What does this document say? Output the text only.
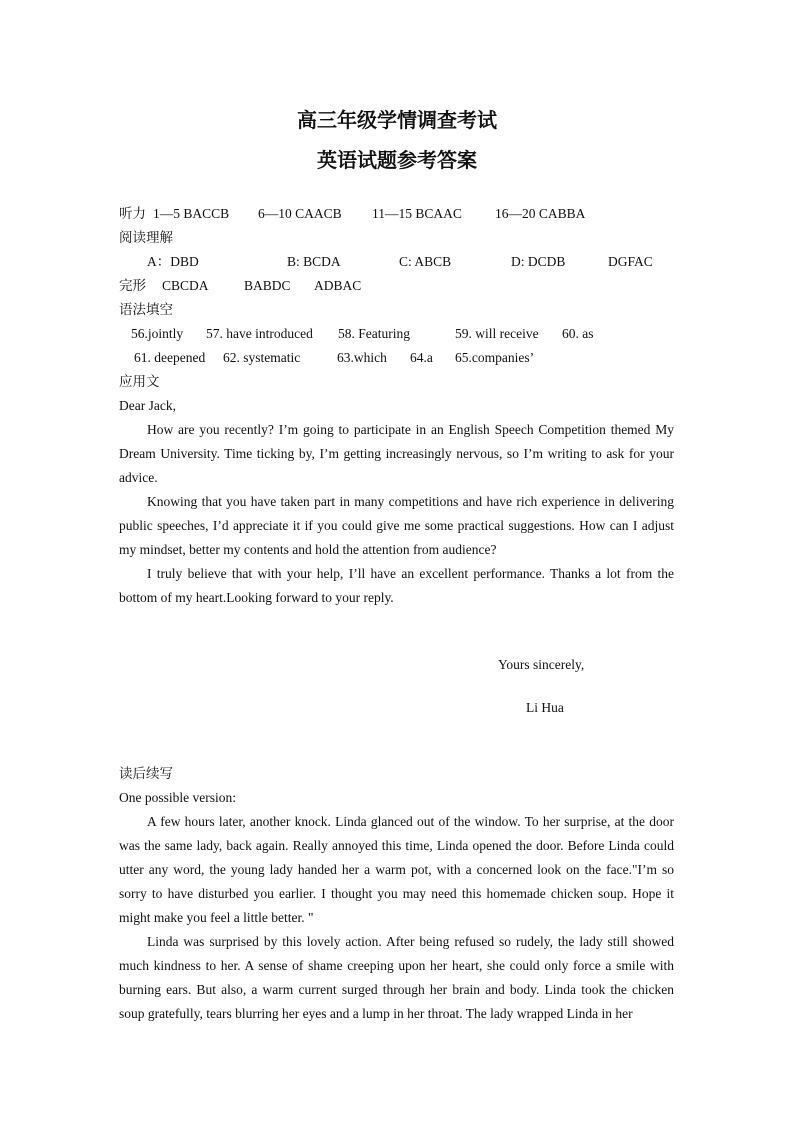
高三年级学情调查考试
英语试题参考答案
听力 1—5 BACCB 6—10 CAACB 11—15 BCAAC 16—20 CABBA
阅读理解
A：DBD	B: BCDA	C: ABCB	D: DCDB	DGFAC
完形 CBCDA	BABDC ADBAC
语法填空
56.jointly 57. have introduced 58. Featuring	59. will receive 60. as
61. deepened 62. systematic	63.which 64.a 65.companies’
应用文
Dear Jack,
How are you recently? I’m going to participate in an English Speech Competition themed My Dream University. Time ticking by, I’m getting increasingly nervous, so I’m writing to ask for your advice.
Knowing that you have taken part in many competitions and have rich experience in delivering public speeches, I’d appreciate it if you could give me some practical suggestions. How can I adjust my mindset, better my contents and hold the attention from audience?
I truly believe that with your help, I’ll have an excellent performance. Thanks a lot from the bottom of my heart.Looking forward to your reply.
Yours sincerely,
Li Hua
读后续写
One possible version:
A few hours later, another knock. Linda glanced out of the window. To her surprise, at the door was the same lady, back again. Really annoyed this time, Linda opened the door. Before Linda could utter any word, the young lady handed her a warm pot, with a concerned look on the face."I’m so sorry to have disturbed you earlier. I thought you may need this homemade chicken soup. Hope it might make you feel a little better. "
Linda was surprised by this lovely action. After being refused so rudely, the lady still showed much kindness to her. A sense of shame creeping upon her heart, she could only force a smile with burning ears. But also, a warm current surged through her brain and body. Linda took the chicken soup gratefully, tears blurring her eyes and a lump in her throat. The lady wrapped Linda in her
